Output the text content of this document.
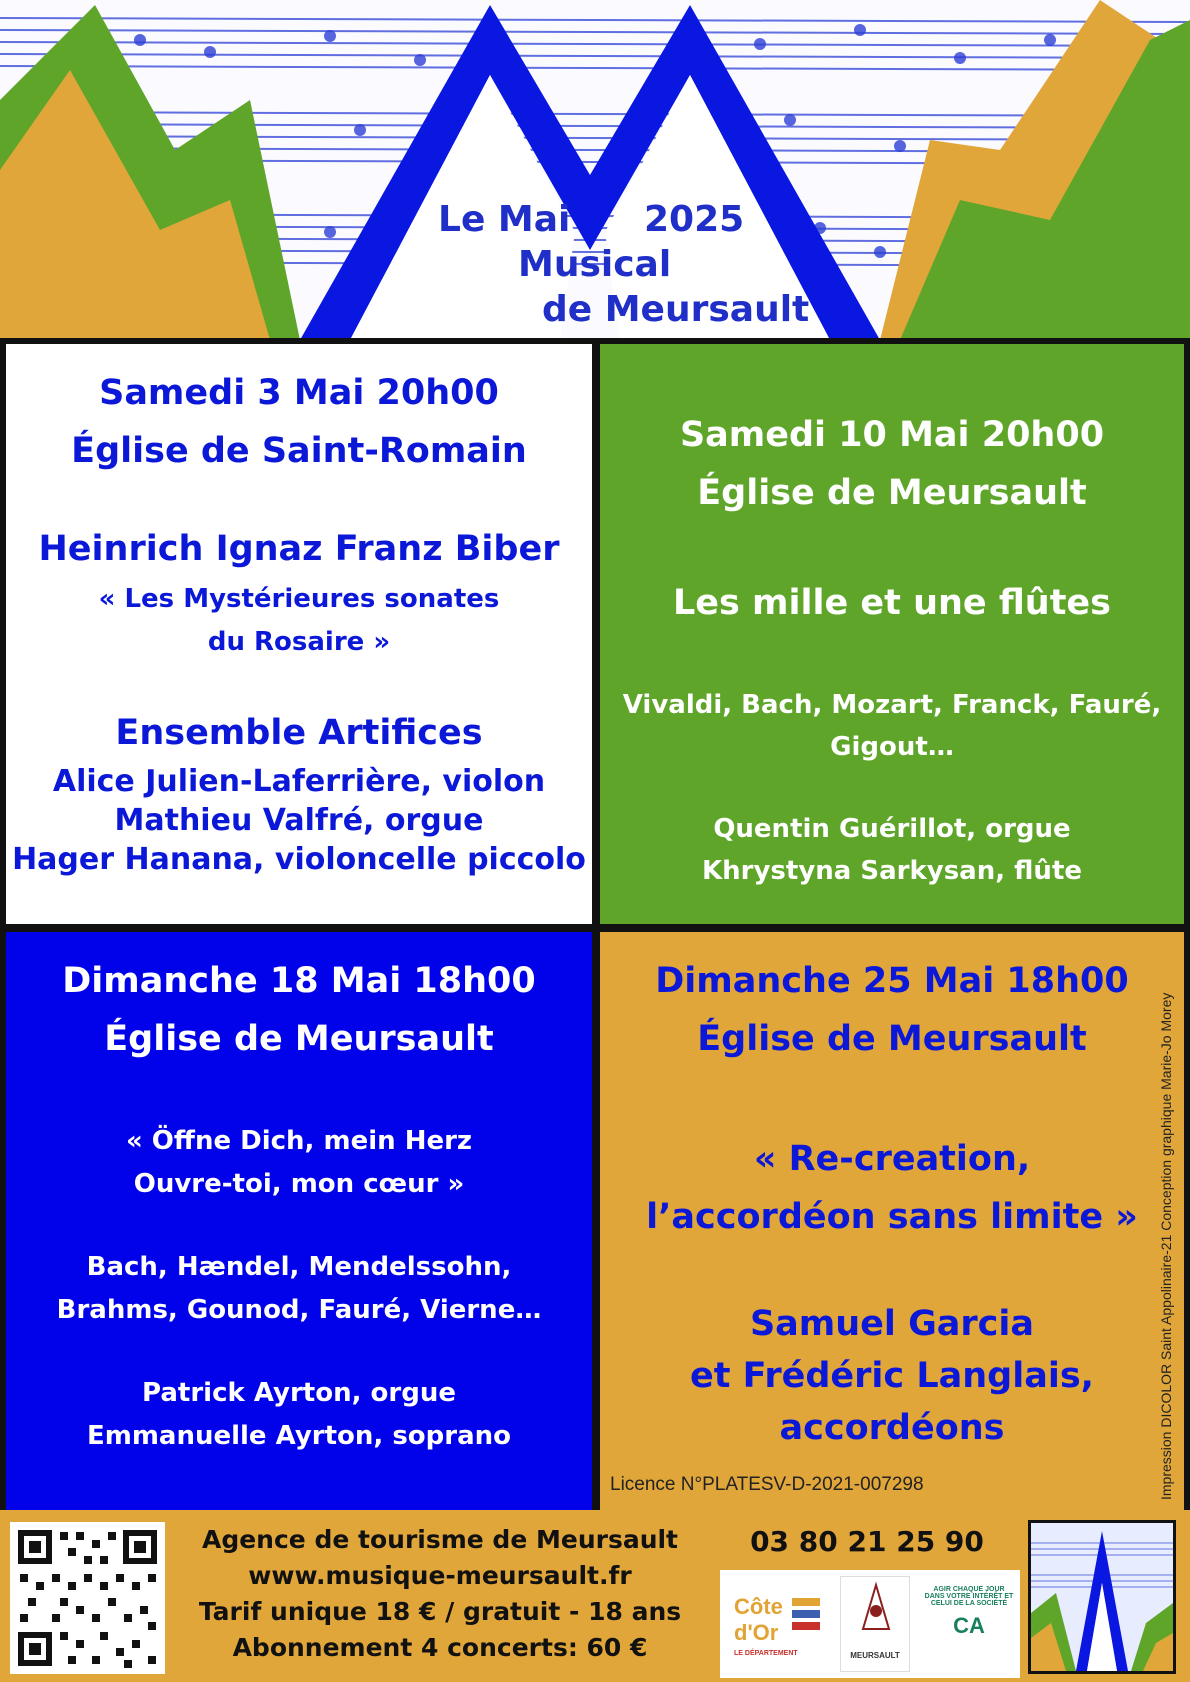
Le Mai 2025
Musical
de Meursault

Samedi 3 Mai 20h00

Église de Saint-Romain

Heinrich Ignaz Franz Biber

« Les Mystérieures sonates

du Rosaire »

Ensemble Artifices

Alice Julien-Laferrière, violon

Mathieu Valfré, orgue

Hager Hanana, violoncelle piccolo

Samedi 10 Mai 20h00

Église de Meursault

Les mille et une flûtes

Vivaldi, Bach, Mozart, Franck, Fauré,

Gigout…

Quentin Guérillot, orgue

Khrystyna Sarkysan, flûte

Dimanche 18 Mai 18h00

Église de Meursault

« Öffne Dich, mein Herz

Ouvre-toi, mon cœur »

Bach, Hændel, Mendelssohn,

Brahms, Gounod, Fauré, Vierne…

Patrick Ayrton, orgue

Emmanuelle Ayrton, soprano

Dimanche 25 Mai 18h00

Église de Meursault

« Re-creation,

l’accordéon sans limite »

Samuel Garcia

et Frédéric Langlais,

accordéons

Licence N°PLATESV-D-2021-007298	Impression DICOLOR Saint Appolinaire-21 Conception graphique Marie-Jo Morey

Agence de tourisme de Meursault

www.musique-meursault.fr

Tarif unique 18 € / gratuit - 18 ans

Abonnement 4 concerts: 60 €

03 80 21 25 90
Côte
d'Or
LE DÉPARTEMENT	MEURSAULT
AGIR CHAQUE JOUR DANS VOTRE INTÉRÊT ET CELUI DE LA SOCIÉTÉ
CA
